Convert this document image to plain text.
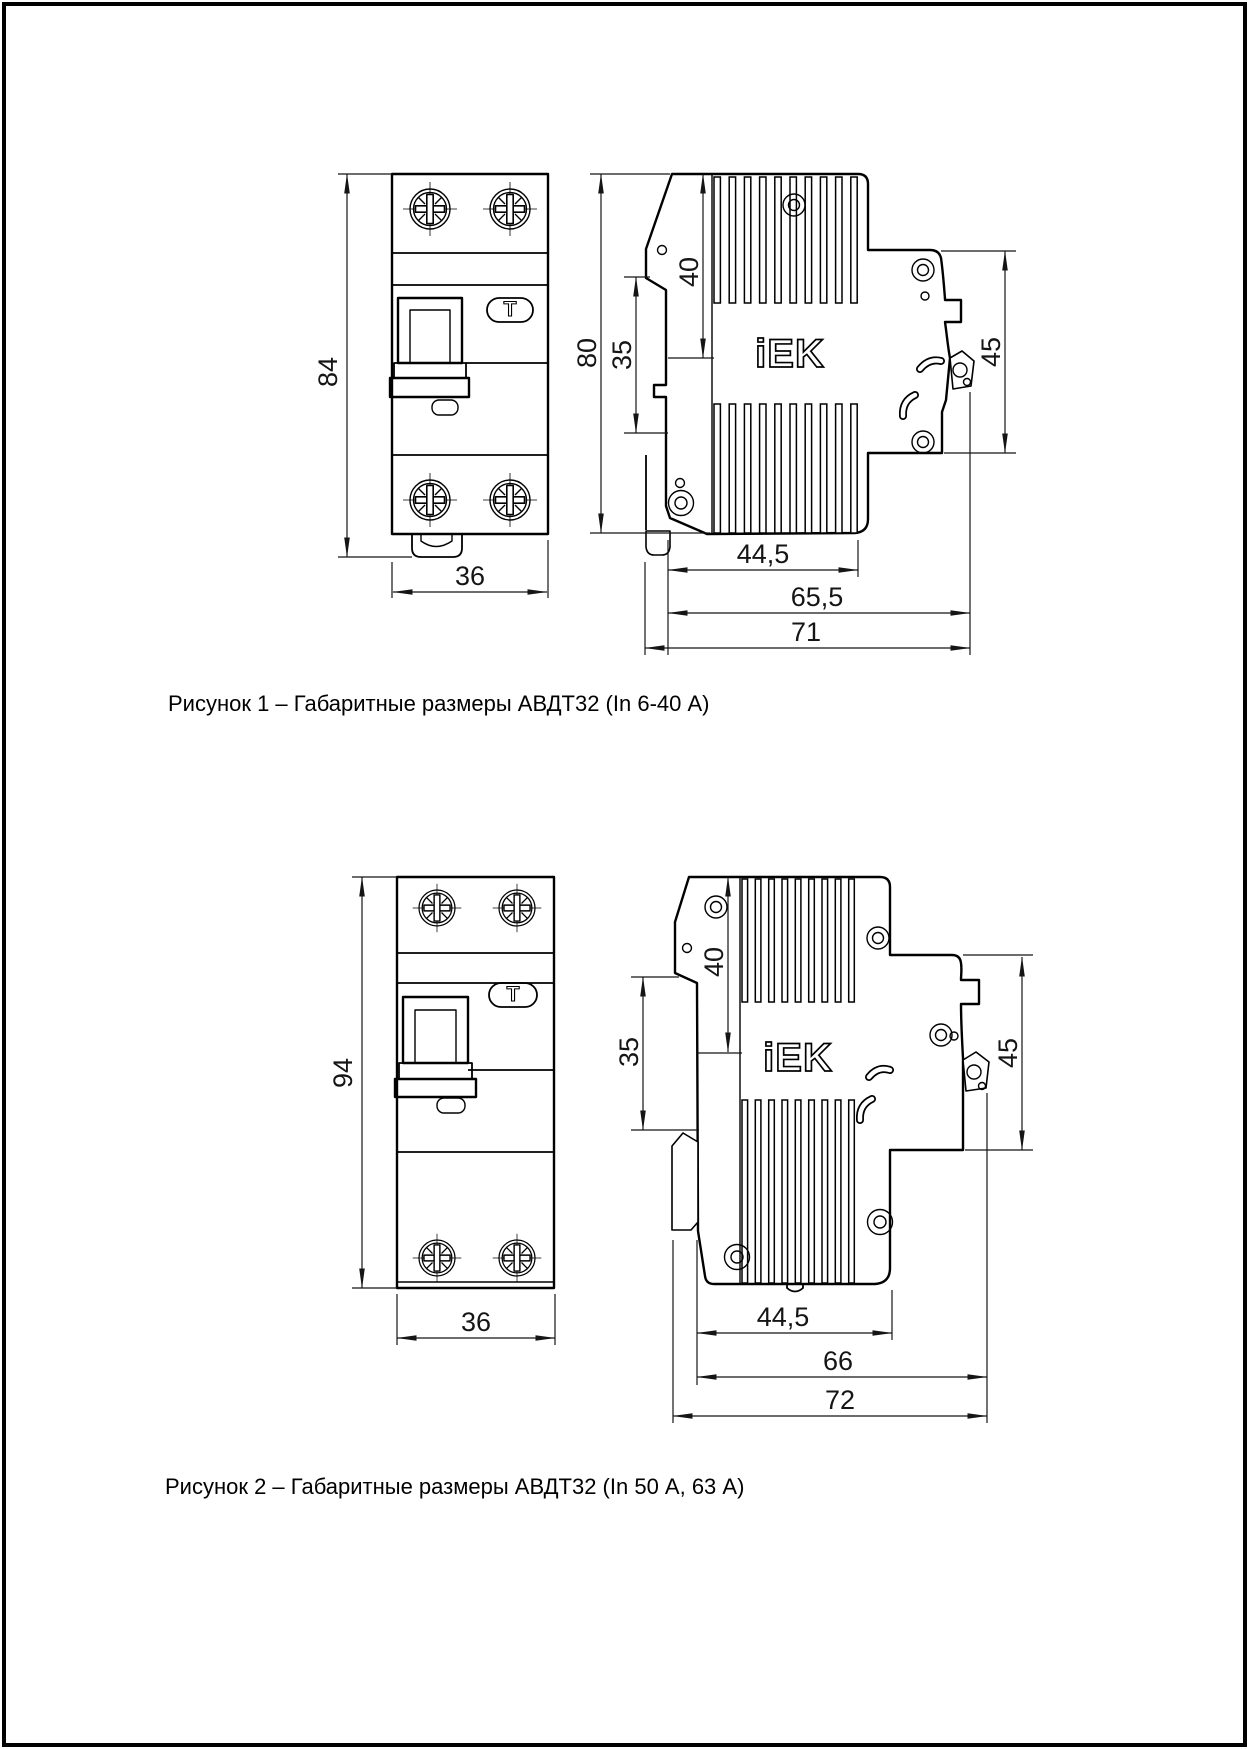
Т
84
36
iEK
80
40
35	45
44,5
65,5
71
Рисунок 1 – Габаритные размеры АВДТ32 (In 6-40 А)
Т
94
36
iEK
40
35	45
44,5
66
72
Рисунок 2 – Габаритные размеры АВДТ32 (In 50 А, 63 А)
